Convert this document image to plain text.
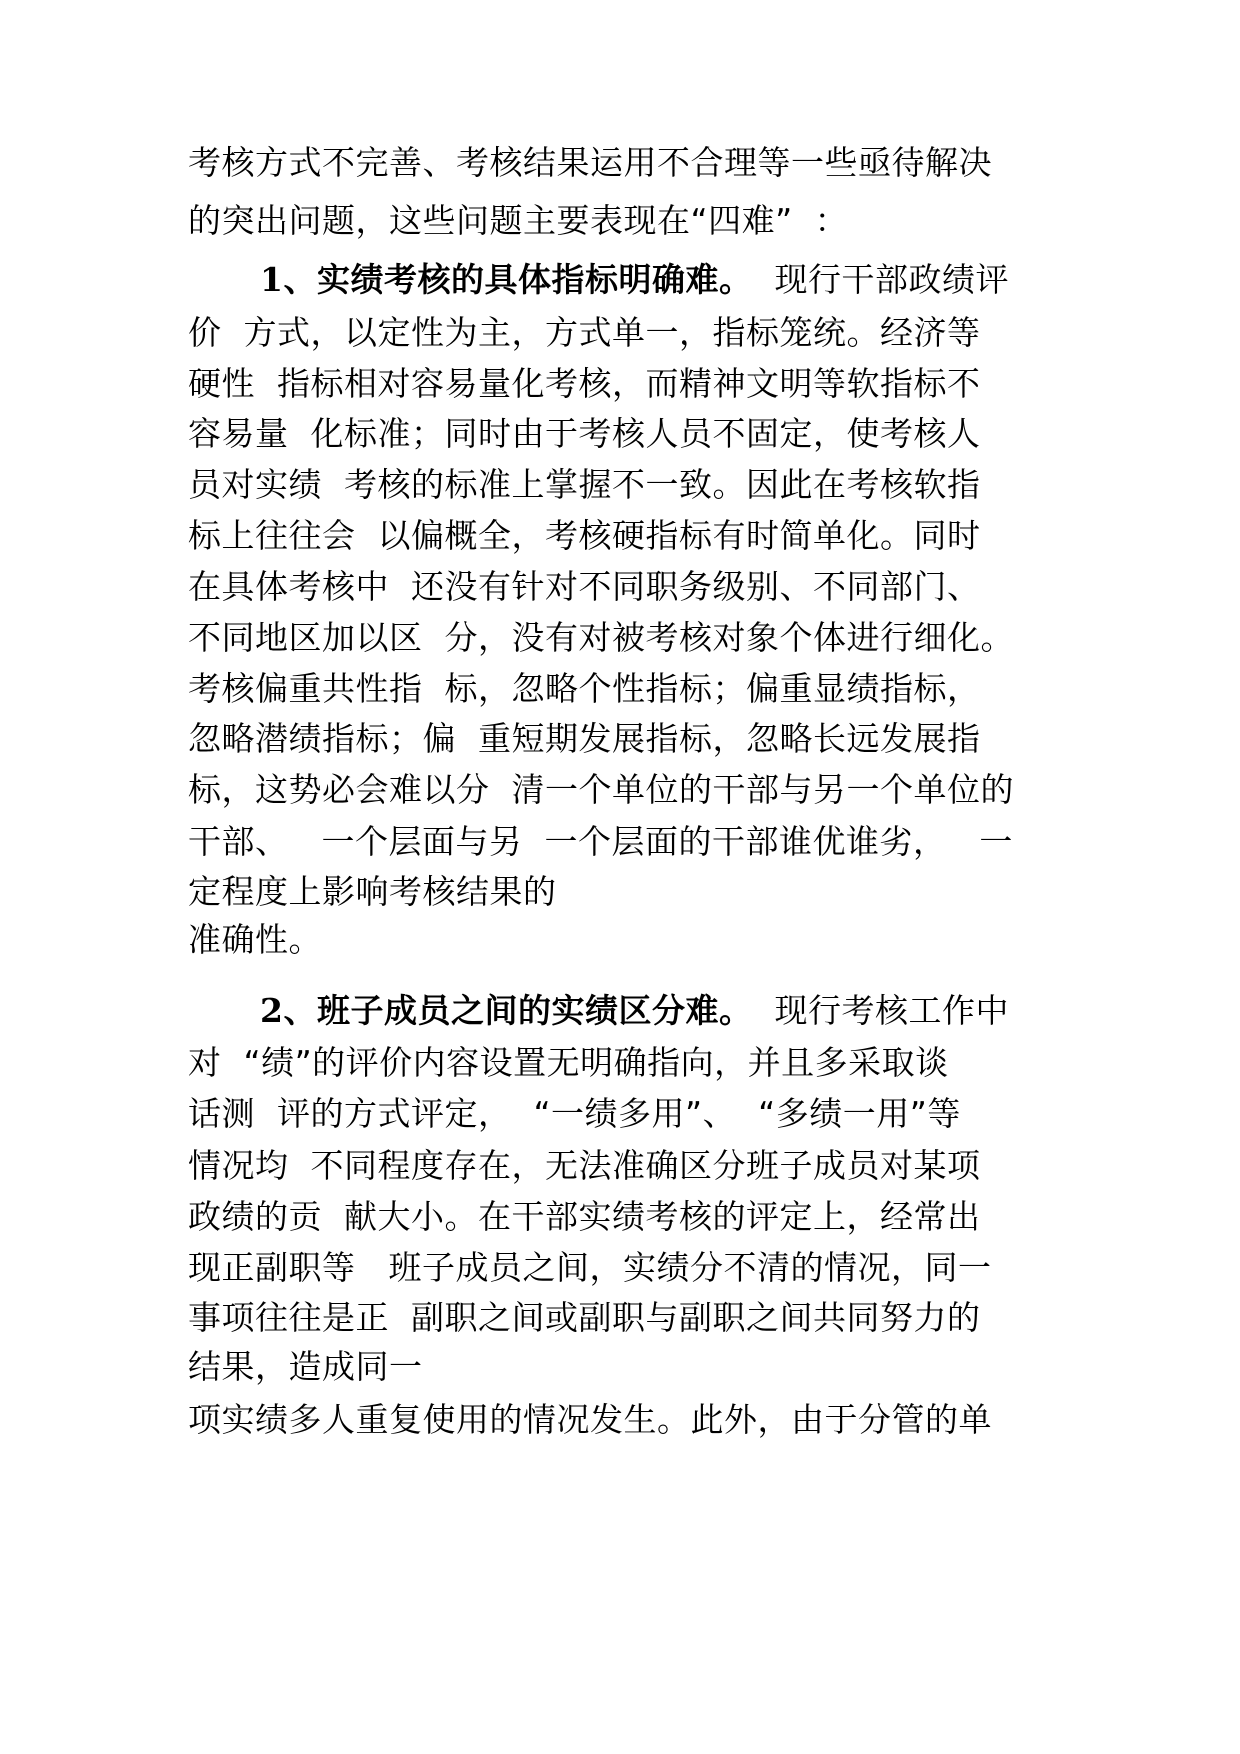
考核方式不完善、考核结果运用不合理等一些亟待解决
的突出问题，这些问题主要表现在“四难”  ：
1、实绩考核的具体指标明确难。  现行干部政绩评
价  方式，以定性为主，方式单一，指标笼统。经济等
硬性  指标相对容易量化考核，而精神文明等软指标不
容易量  化标准；同时由于考核人员不固定，使考核人
员对实绩  考核的标准上掌握不一致。因此在考核软指
标上往往会  以偏概全，考核硬指标有时简单化。同时
在具体考核中  还没有针对不同职务级别、不同部门、
不同地区加以区  分，没有对被考核对象个体进行细化。
考核偏重共性指  标，忽略个性指标；偏重显绩指标，
忽略潜绩指标；偏  重短期发展指标，忽略长远发展指
标，这势必会难以分  清一个单位的干部与另一个单位的
干部、   一个层面与另  一个层面的干部谁优谁劣，   一
定程度上影响考核结果的
准确性。
2、班子成员之间的实绩区分难。  现行考核工作中
对  “绩”的评价内容设置无明确指向，并且多采取谈
话测  评的方式评定，  “一绩多用”、  “多绩一用”等
情况均  不同程度存在，无法准确区分班子成员对某项
政绩的贡  献大小。在干部实绩考核的评定上，经常出
现正副职等   班子成员之间，实绩分不清的情况，同一
事项往往是正  副职之间或副职与副职之间共同努力的
结果，造成同一
项实绩多人重复使用的情况发生。此外，由于分管的单
